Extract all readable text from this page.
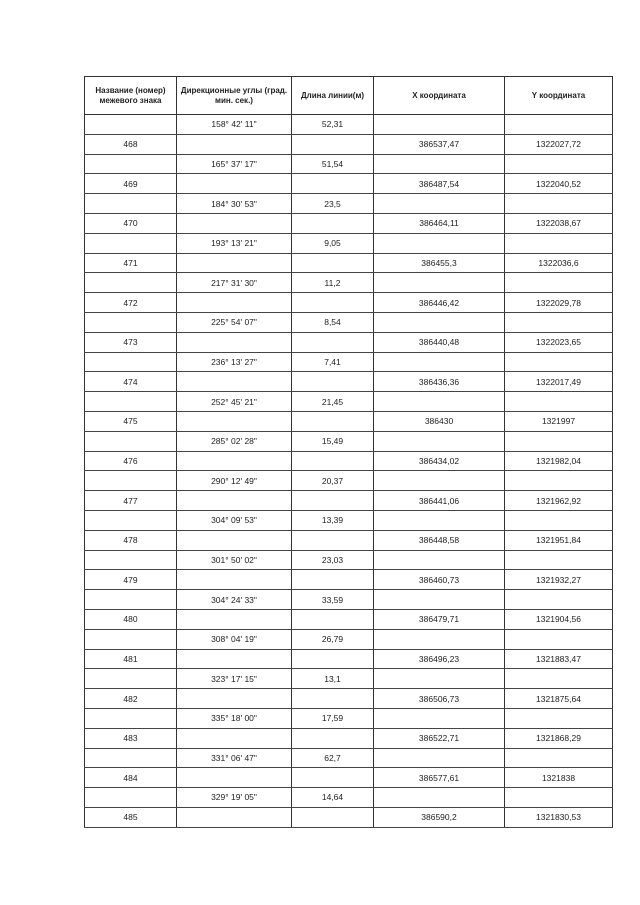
Название (номер) межевого знака	Дирекционные углы (град. мин. сек.)	Длина линии(м)	X координата	Y координата
	158° 42' 11"	52,31		
468			386537,47	1322027,72
	165° 37' 17"	51,54		
469			386487,54	1322040,52
	184° 30' 53"	23,5		
470			386464,11	1322038,67
	193° 13' 21"	9,05		
471			386455,3	1322036,6
	217° 31' 30"	11,2		
472			386446,42	1322029,78
	225° 54' 07"	8,54		
473			386440,48	1322023,65
	236° 13' 27"	7,41		
474			386436,36	1322017,49
	252° 45' 21"	21,45		
475			386430	1321997
	285° 02' 28"	15,49		
476			386434,02	1321982,04
	290° 12' 49"	20,37		
477			386441,06	1321962,92
	304° 09' 53"	13,39		
478			386448,58	1321951,84
	301° 50' 02"	23,03		
479			386460,73	1321932,27
	304° 24' 33"	33,59		
480			386479,71	1321904,56
	308° 04' 19"	26,79		
481			386496,23	1321883,47
	323° 17' 15"	13,1		
482			386506,73	1321875,64
	335° 18' 00"	17,59		
483			386522,71	1321868,29
	331° 06' 47"	62,7		
484			386577,61	1321838
	329° 19' 05"	14,64		
485			386590,2	1321830,53
